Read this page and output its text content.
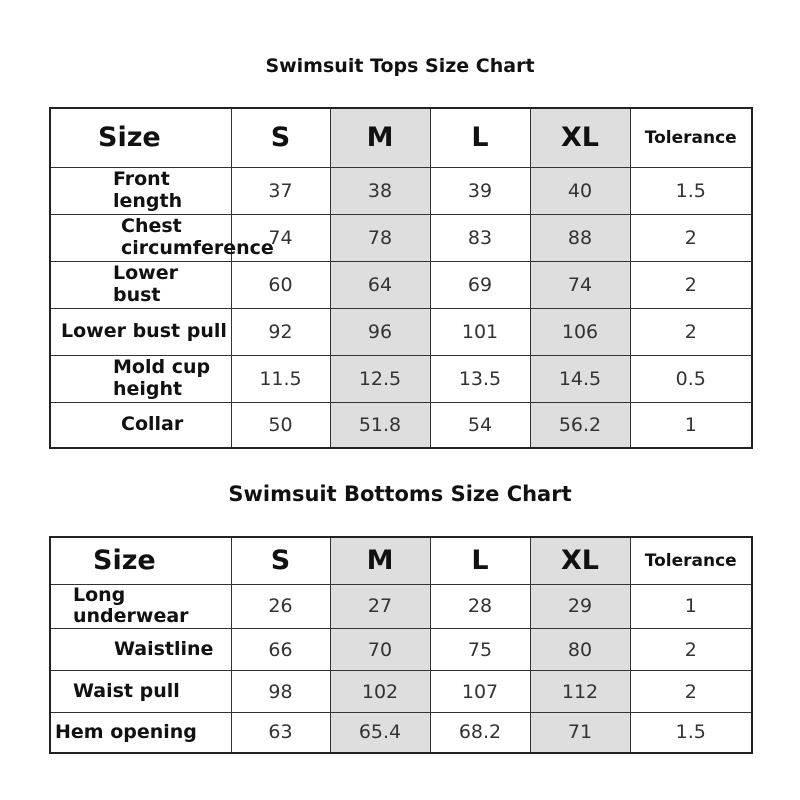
Swimsuit Tops Size Chart
Size	S	M	L	XL	Tolerance
Front
length	37	38	39	40	1.5
Chest
circumference	74	78	83	88	2
Lower bust	60	64	69	74	2
Lower bust pull	92	96	101	106	2
Mold cup
height	11.5	12.5	13.5	14.5	0.5
Collar	50	51.8	54	56.2	1
Swimsuit Bottoms Size Chart
Size	S	M	L	XL	Tolerance
Long underwear	26	27	28	29	1
Waistline	66	70	75	80	2
Waist pull	98	102	107	112	2
Hem opening	63	65.4	68.2	71	1.5
